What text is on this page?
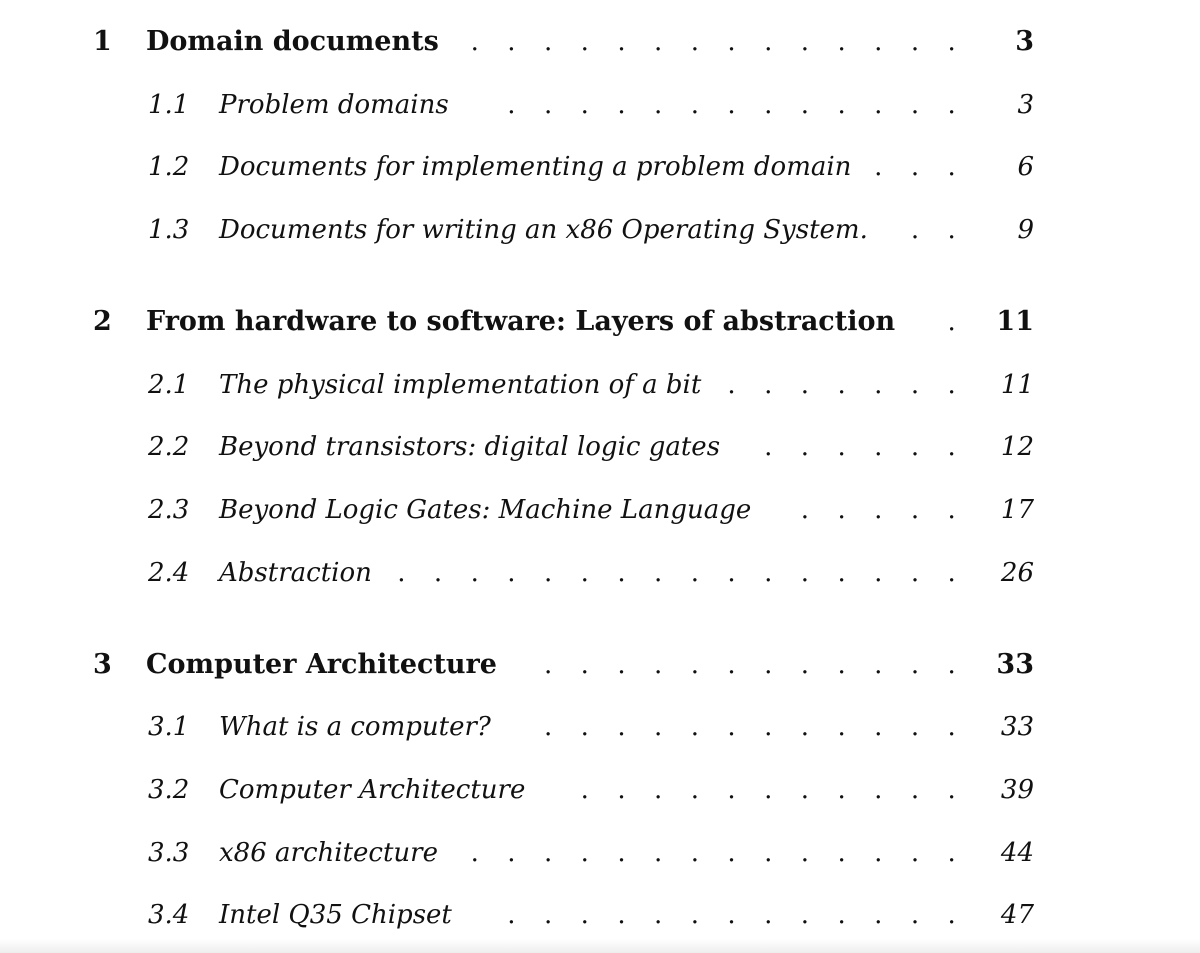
1 Domain documents	..............	3
1.1 Problem domains	.............	3
1.2 Documents for implementing a problem domain	...	6
1.3 Documents for writing an x86 Operating System.	..	9
2 From hardware to software: Layers of abstraction	.	11
2.1 The physical implementation of a bit	.......	11
2.2 Beyond transistors: digital logic gates	......	12
2.3 Beyond Logic Gates: Machine Language	.....	17
2.4 Abstraction	................	26
3 Computer Architecture	............	33
3.1 What is a computer?	............	33
3.2 Computer Architecture	...........	39
3.3 x86 architecture	..............	44
3.4 Intel Q35 Chipset	.............	47
